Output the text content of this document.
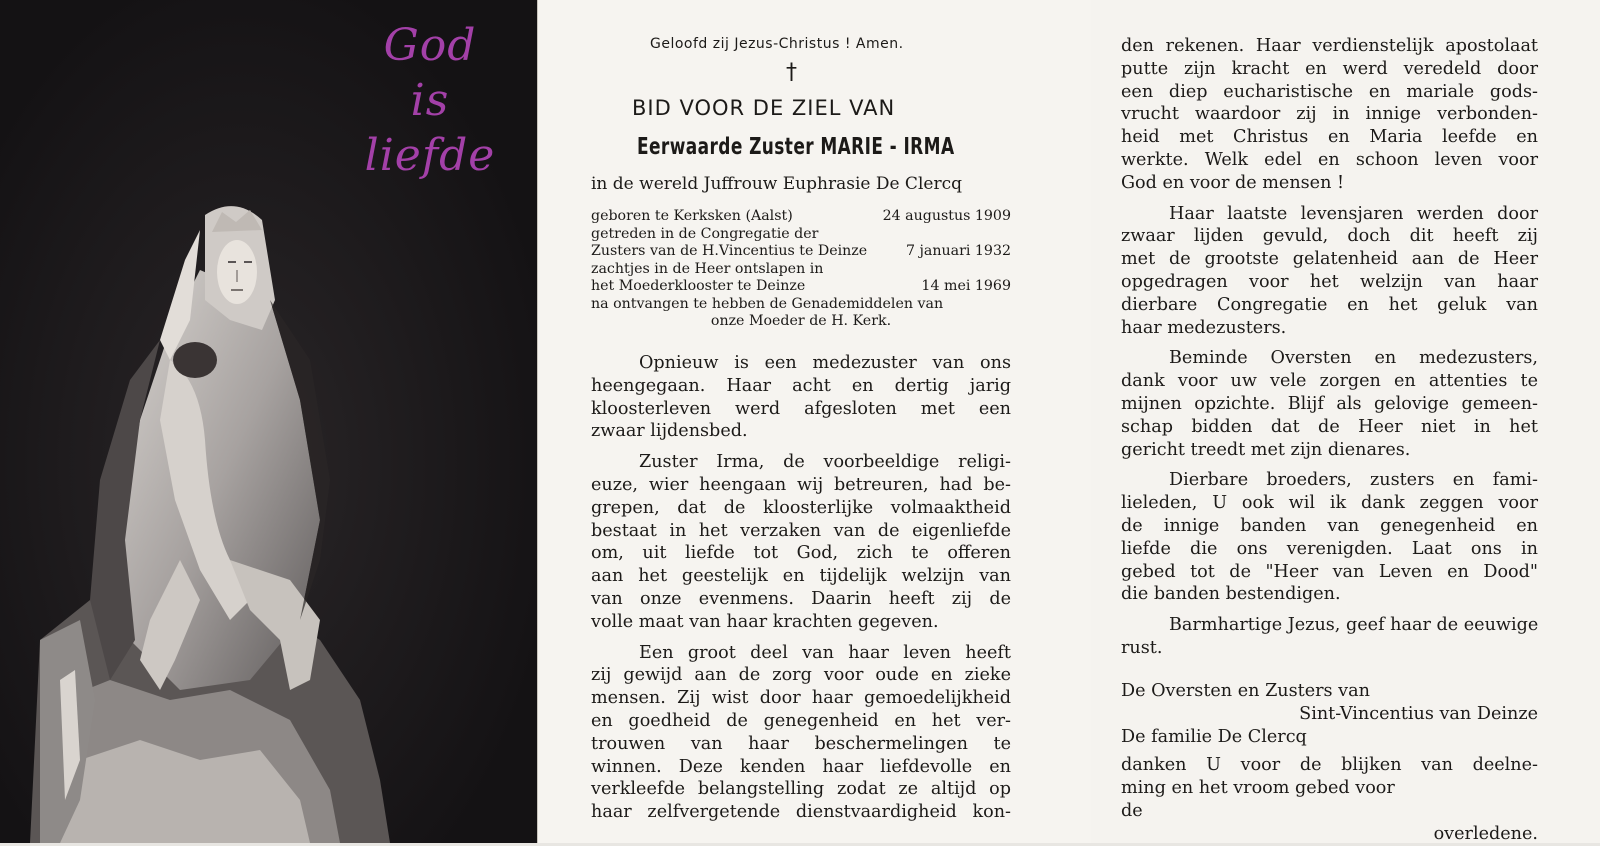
God
is
liefde
Geloofd zij Jezus-Christus ! Amen.
†
BID VOOR DE ZIEL VAN
Eerwaarde Zuster MARIE - IRMA
in de wereld Juffrouw Euphrasie De Clercq
geboren te Kerksken (Aalst)	24 augustus 1909
getreden in de Congregatie der
Zusters van de H.Vincentius te Deinze	7 januari 1932
zachtjes in de Heer ontslapen in
het Moederklooster te Deinze	14 mei 1969
na ontvangen te hebben de Genademiddelen van
onze Moeder de H. Kerk.
Opnieuw is een medezuster van ons
heengegaan. Haar acht en dertig jarig
kloosterleven werd afgesloten met een
zwaar lijdensbed.
Zuster Irma, de voorbeeldige religi-
euze, wier heengaan wij betreuren, had be-
grepen, dat de kloosterlijke volmaaktheid
bestaat in het verzaken van de eigenliefde
om, uit liefde tot God, zich te offeren
aan het geestelijk en tijdelijk welzijn van
van onze evenmens. Daarin heeft zij de
volle maat van haar krachten gegeven.
Een groot deel van haar leven heeft
zij gewijd aan de zorg voor oude en zieke
mensen. Zij wist door haar gemoedelijkheid
en goedheid de genegenheid en het ver-
trouwen van haar beschermelingen te
winnen. Deze kenden haar liefdevolle en
verkleefde belangstelling zodat ze altijd op
haar zelfvergetende dienstvaardigheid kon-
den rekenen. Haar verdienstelijk apostolaat
putte zijn kracht en werd veredeld door
een diep eucharistische en mariale gods-
vrucht waardoor zij in innige verbonden-
heid met Christus en Maria leefde en
werkte. Welk edel en schoon leven voor
God en voor de mensen !
Haar laatste levensjaren werden door
zwaar lijden gevuld, doch dit heeft zij
met de grootste gelatenheid aan de Heer
opgedragen voor het welzijn van haar
dierbare Congregatie en het geluk van
haar medezusters.
Beminde Oversten en medezusters,
dank voor uw vele zorgen en attenties te
mijnen opzichte. Blijf als gelovige gemeen-
schap bidden dat de Heer niet in het
gericht treedt met zijn dienares.
Dierbare broeders, zusters en fami-
lieleden, U ook wil ik dank zeggen voor
de innige banden van genegenheid en
liefde die ons verenigden. Laat ons in
gebed tot de "Heer van Leven en Dood"
die banden bestendigen.
Barmhartige Jezus, geef haar de eeuwige
rust.
De Oversten en Zusters van
Sint-Vincentius van Deinze
De familie De Clercq
danken U voor de blijken van deelne-
ming en het vroom gebed voor de
overledene.
